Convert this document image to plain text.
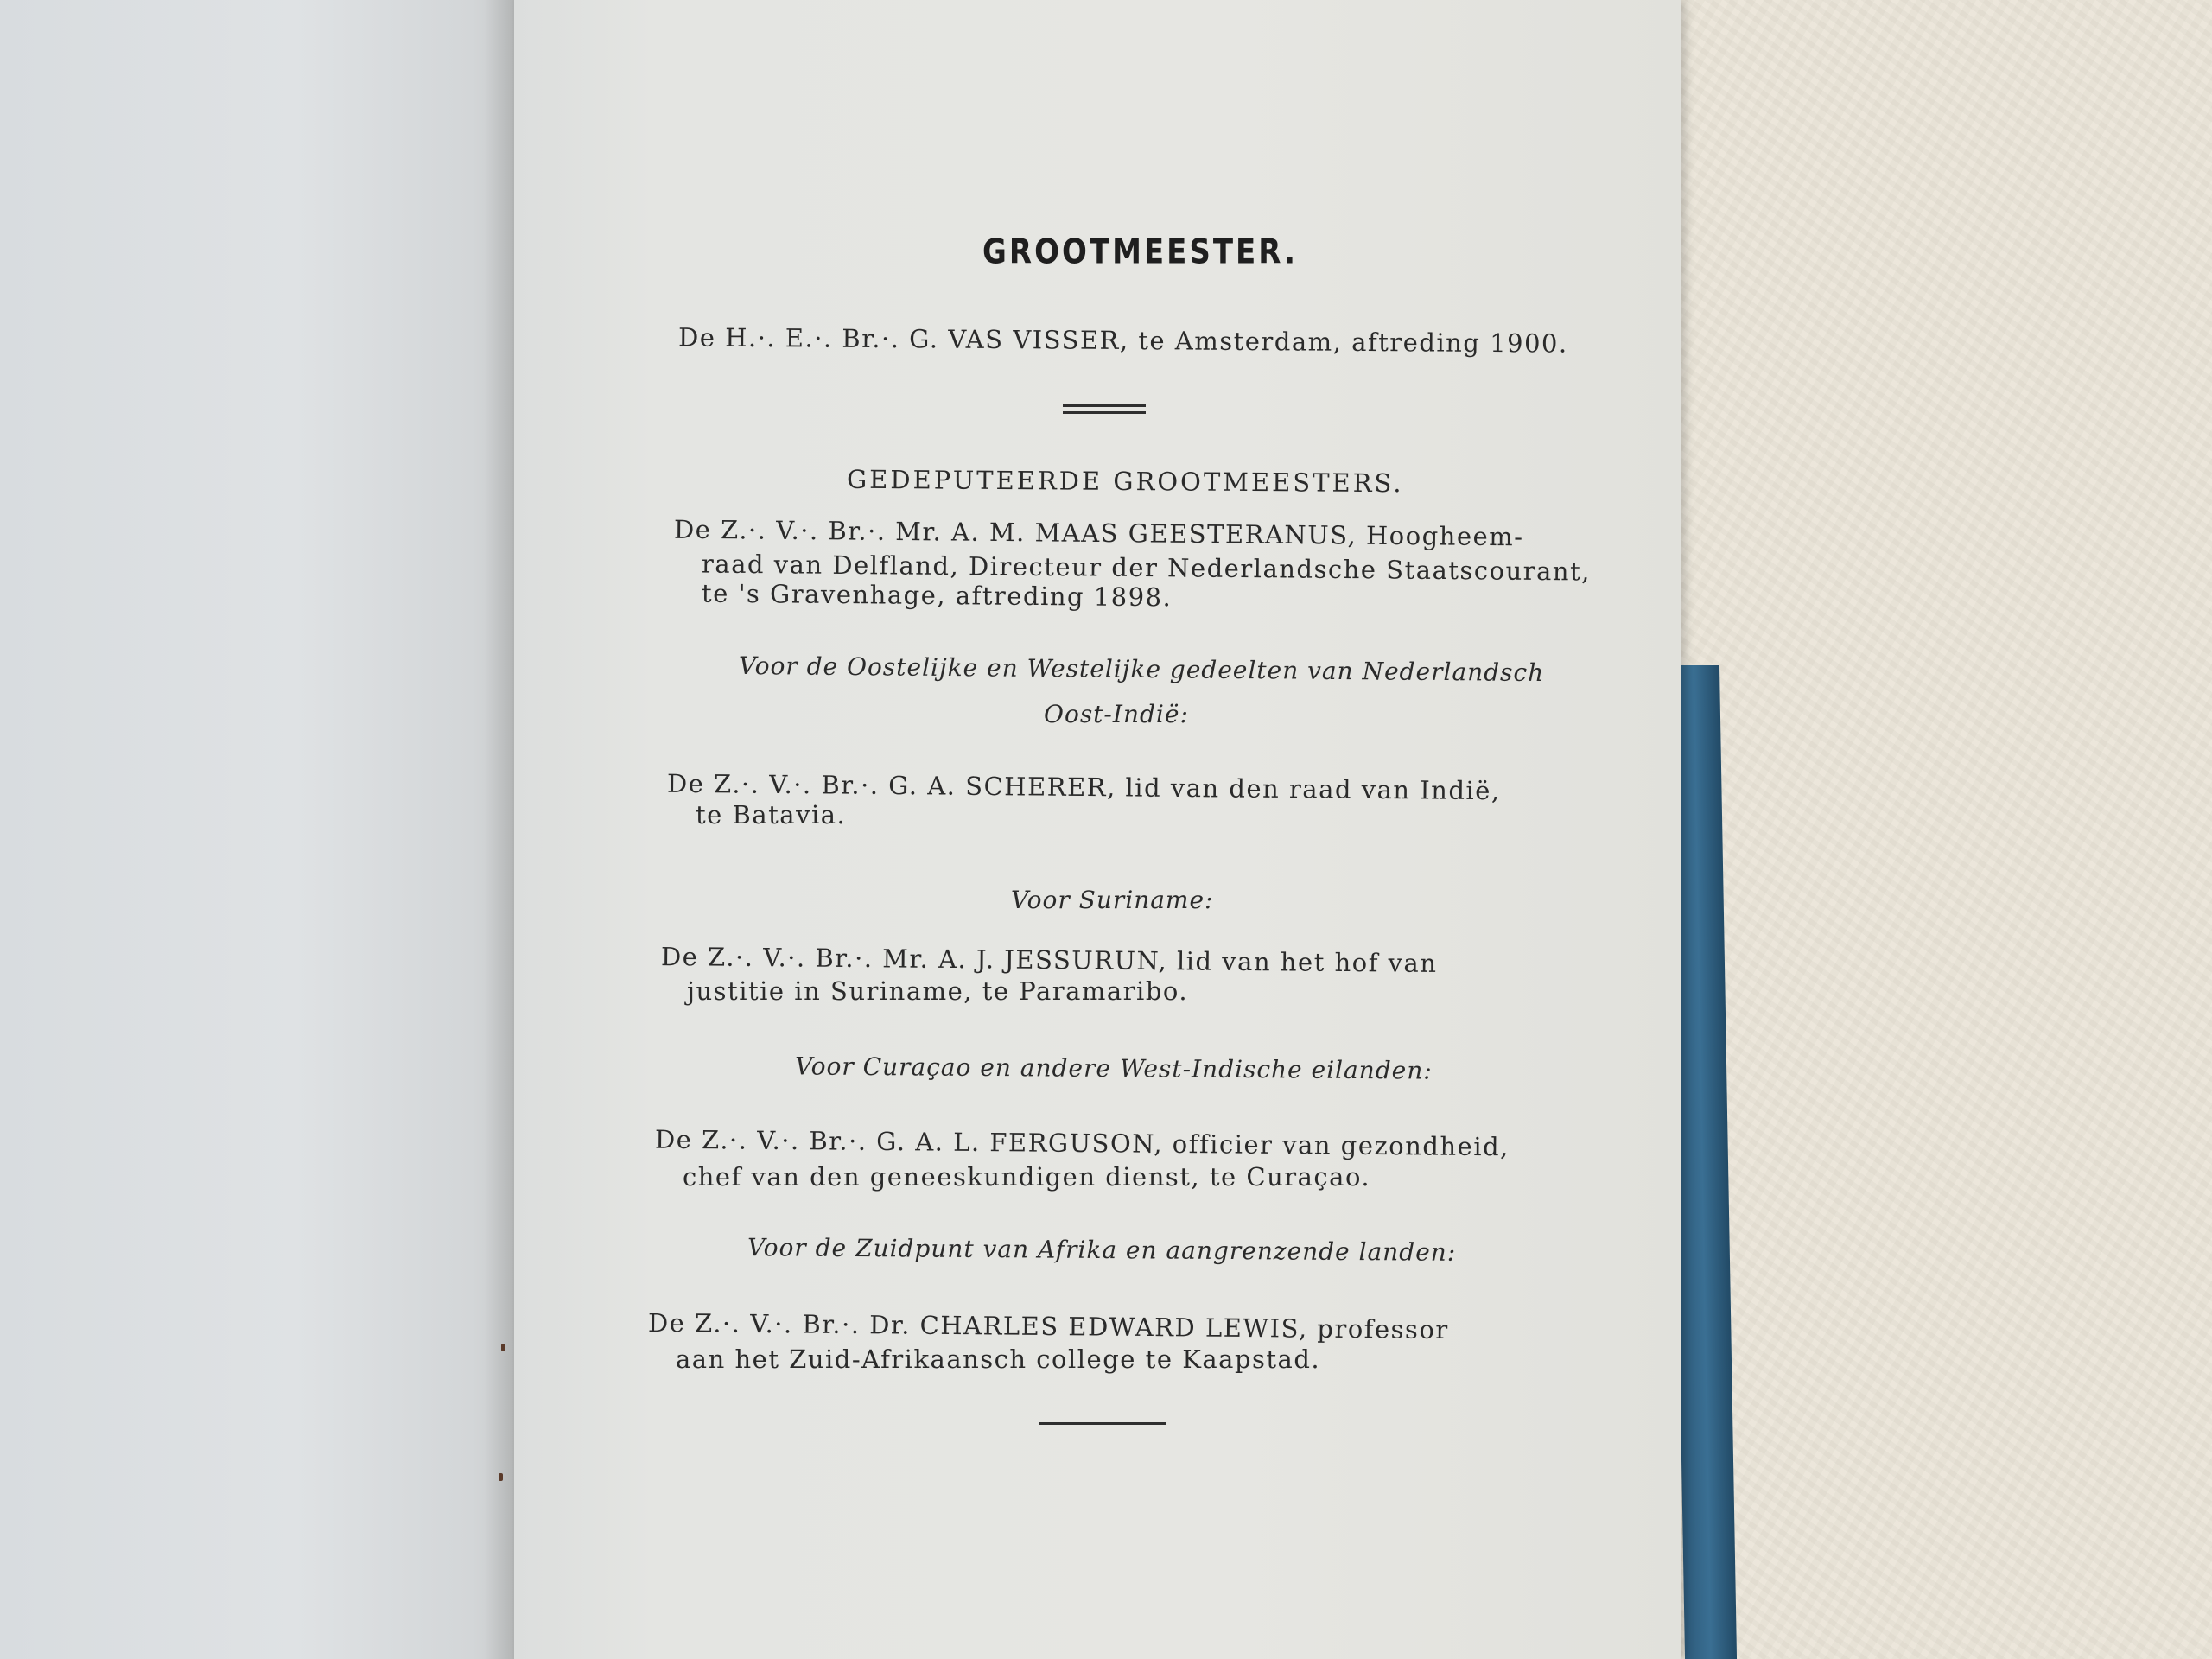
GROOTMEESTER.
De H.·. E.·. Br.·. G. VAS VISSER, te Amsterdam, aftreding 1900.
GEDEPUTEERDE GROOTMEESTERS.
De Z.·. V.·. Br.·. Mr. A. M. MAAS GEESTERANUS, Hoogheem-
raad van Delfland, Directeur der Nederlandsche Staatscourant,
te 's Gravenhage, aftreding 1898.
Voor de Oostelijke en Westelijke gedeelten van Nederlandsch
Oost-Indië:
De Z.·. V.·. Br.·. G. A. SCHERER, lid van den raad van Indië,
te Batavia.
Voor Suriname:
De Z.·. V.·. Br.·. Mr. A. J. JESSURUN, lid van het hof van
justitie in Suriname, te Paramaribo.
Voor Curaçao en andere West-Indische eilanden:
De Z.·. V.·. Br.·. G. A. L. FERGUSON, officier van gezondheid,
chef van den geneeskundigen dienst, te Curaçao.
Voor de Zuidpunt van Afrika en aangrenzende landen:
De Z.·. V.·. Br.·. Dr. CHARLES EDWARD LEWIS, professor
aan het Zuid-Afrikaansch college te Kaapstad.
